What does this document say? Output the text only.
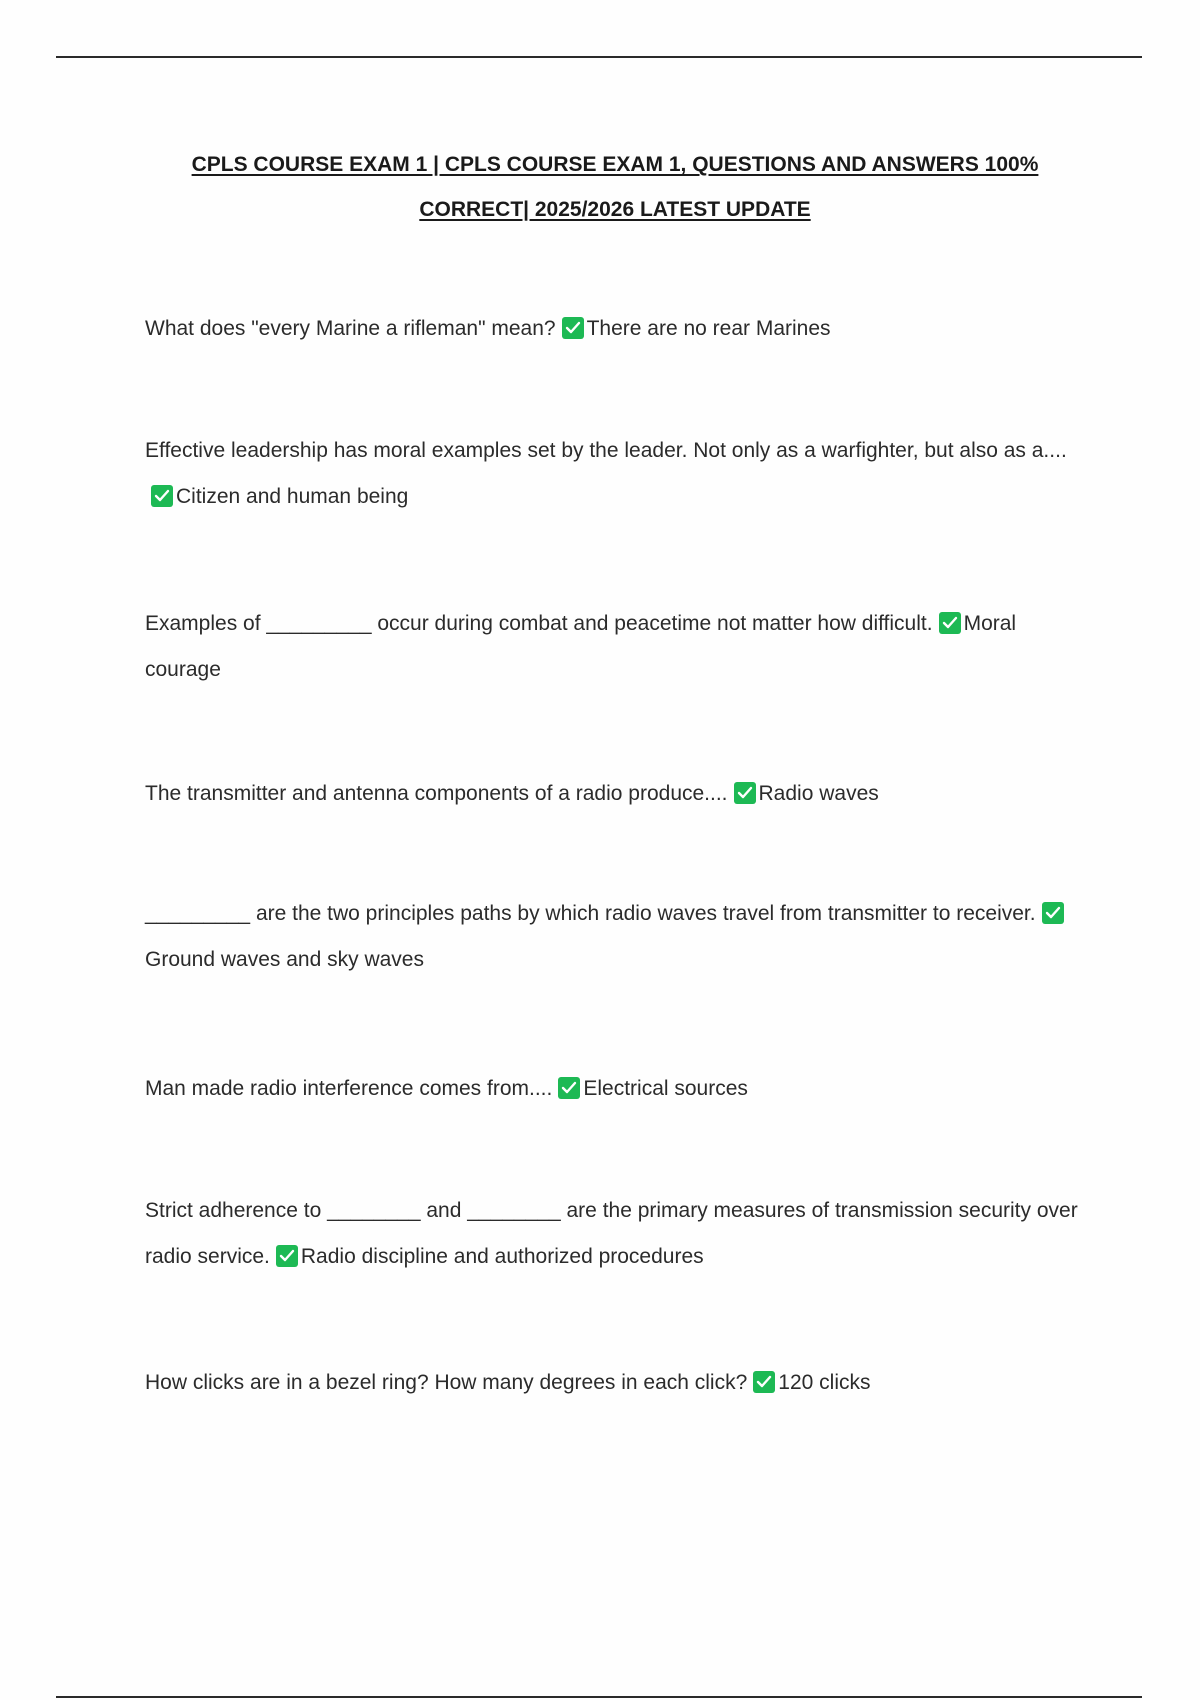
CPLS COURSE EXAM 1 | CPLS COURSE EXAM 1, QUESTIONS AND ANSWERS 100% CORRECT| 2025/2026 LATEST UPDATE

What does "every Marine a rifleman" mean? There are no rear Marines

Effective leadership has moral examples set by the leader. Not only as a warfighter, but also as a....
Citizen and human being

Examples of _________ occur during combat and peacetime not matter how difficult. Moral courage

The transmitter and antenna components of a radio produce.... Radio waves

_________ are the two principles paths by which radio waves travel from transmitter to receiver.
Ground waves and sky waves

Man made radio interference comes from.... Electrical sources

Strict adherence to ________ and ________ are the primary measures of transmission security over radio service. Radio discipline and authorized procedures

How clicks are in a bezel ring? How many degrees in each click? 120 clicks
